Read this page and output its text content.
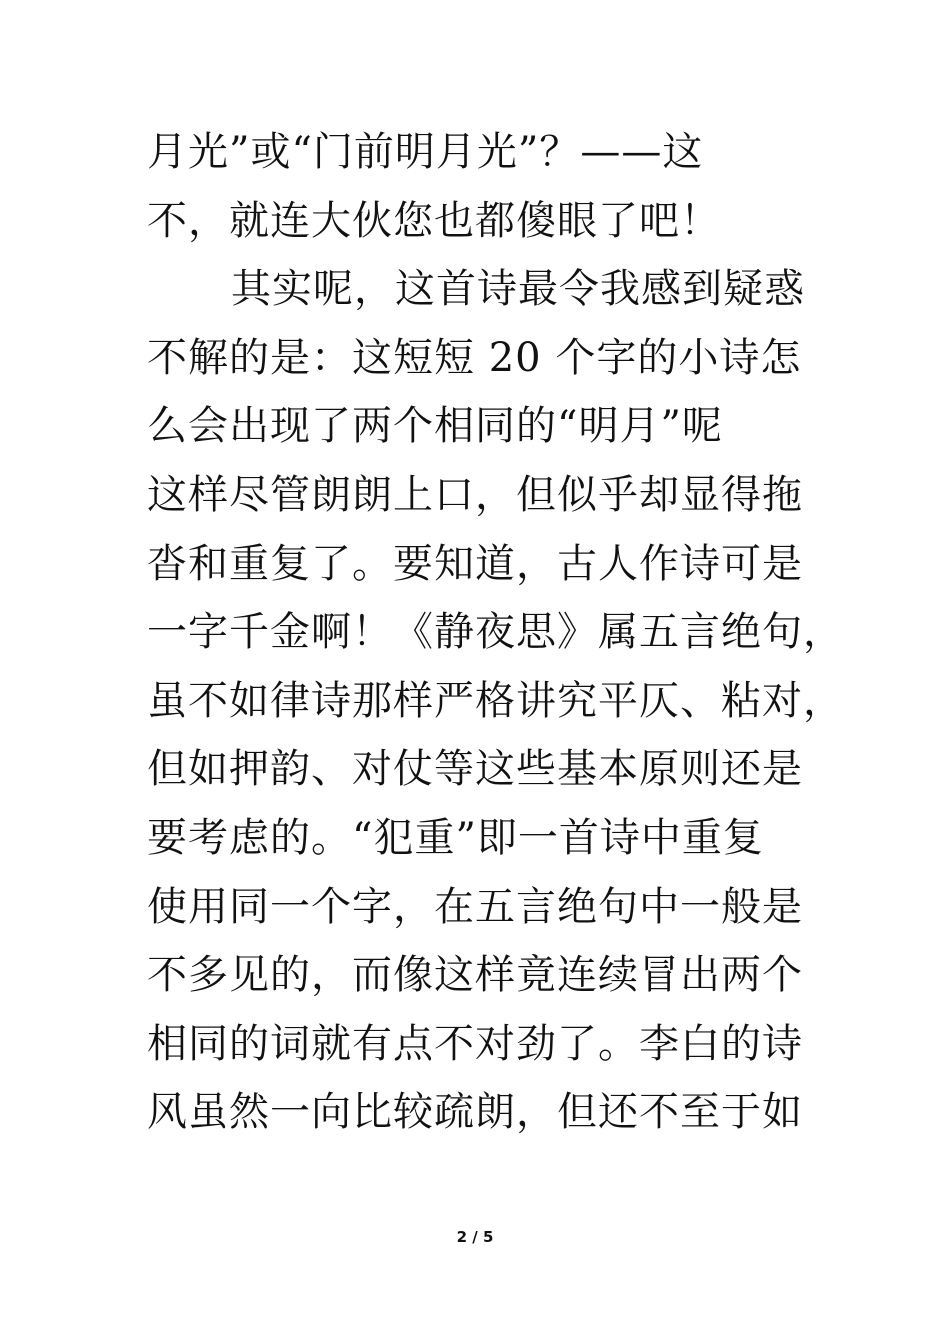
月光”或“门前明月光”？——这
不，就连大伙您也都傻眼了吧！
其实呢，这首诗最令我感到疑惑
不解的是：这短短 20 个字的小诗怎
么会出现了两个相同的“明月”呢
这样尽管朗朗上口，但似乎却显得拖
沓和重复了。要知道，古人作诗可是
一字千金啊！《静夜思》属五言绝句，
虽不如律诗那样严格讲究平仄、粘对，
但如押韵、对仗等这些基本原则还是
要考虑的。“犯重”即一首诗中重复
使用同一个字，在五言绝句中一般是
不多见的，而像这样竟连续冒出两个
相同的词就有点不对劲了。李白的诗
风虽然一向比较疏朗，但还不至于如
2 / 5
